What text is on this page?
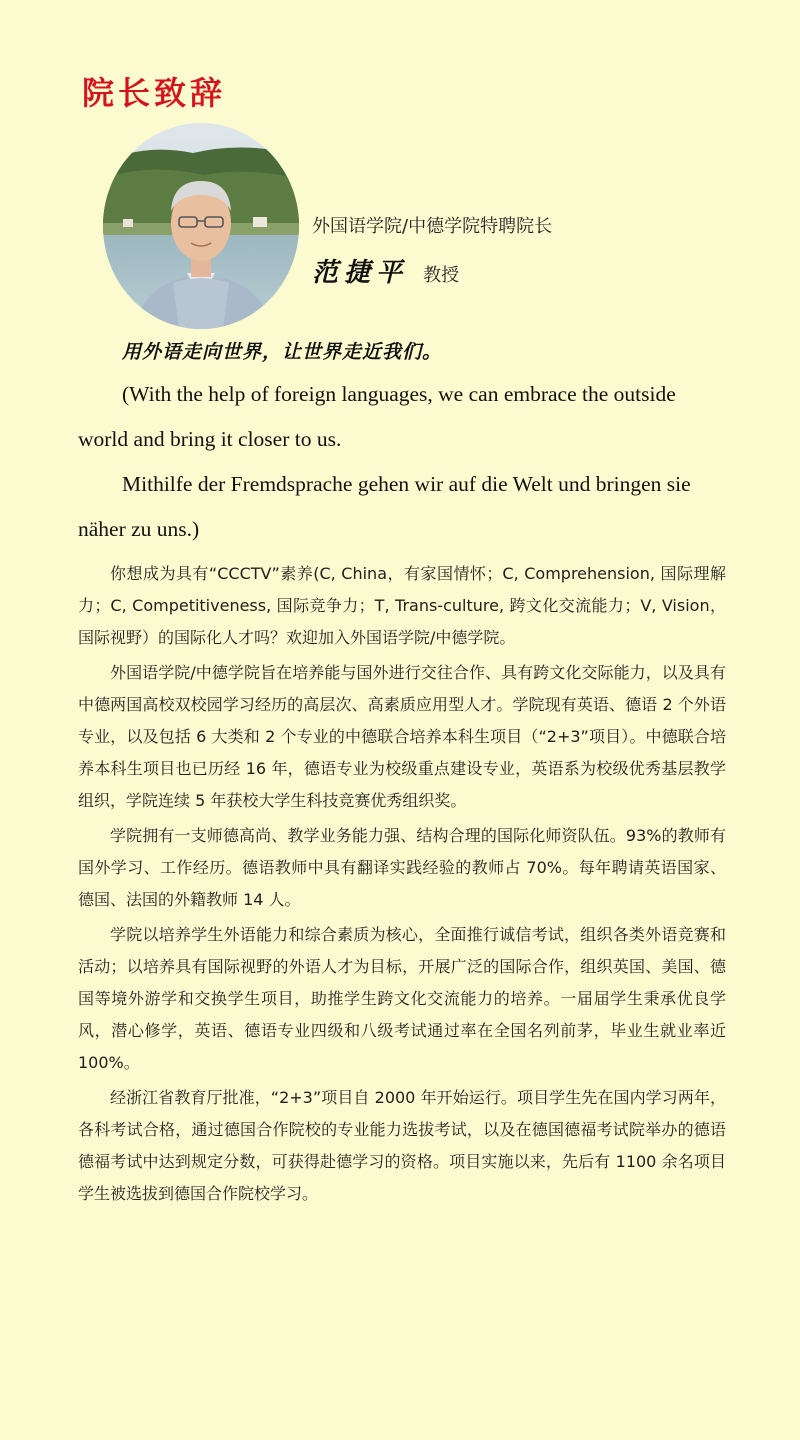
院长致辞
外国语学院/中德学院特聘院长
范捷平 教授
用外语走向世界，让世界走近我们。

(With the help of foreign languages, we can embrace the outside world and bring it closer to us.

Mithilfe der Fremdsprache gehen wir auf die Welt und bringen sie näher zu uns.)

你想成为具有“CCCTV”素养(C, China，有家国情怀；C, Comprehension, 国际理解力；C, Competitiveness, 国际竞争力；T, Trans-culture, 跨文化交流能力；V, Vision，国际视野）的国际化人才吗？欢迎加入外国语学院/中德学院。

外国语学院/中德学院旨在培养能与国外进行交往合作、具有跨文化交际能力，以及具有中德两国高校双校园学习经历的高层次、高素质应用型人才。学院现有英语、德语 2 个外语专业，以及包括 6 大类和 2 个专业的中德联合培养本科生项目（“2+3”项目）。中德联合培养本科生项目也已历经 16 年，德语专业为校级重点建设专业，英语系为校级优秀基层教学组织，学院连续 5 年获校大学生科技竞赛优秀组织奖。

学院拥有一支师德高尚、教学业务能力强、结构合理的国际化师资队伍。93%的教师有国外学习、工作经历。德语教师中具有翻译实践经验的教师占 70%。每年聘请英语国家、德国、法国的外籍教师 14 人。

学院以培养学生外语能力和综合素质为核心，全面推行诚信考试，组织各类外语竞赛和活动；以培养具有国际视野的外语人才为目标，开展广泛的国际合作，组织英国、美国、德国等境外游学和交换学生项目，助推学生跨文化交流能力的培养。一届届学生秉承优良学风，潜心修学，英语、德语专业四级和八级考试通过率在全国名列前茅，毕业生就业率近 100%。

经浙江省教育厅批准，“2+3”项目自 2000 年开始运行。项目学生先在国内学习两年，各科考试合格，通过德国合作院校的专业能力选拔考试，以及在德国德福考试院举办的德语德福考试中达到规定分数，可获得赴德学习的资格。项目实施以来，先后有 1100 余名项目学生被选拔到德国合作院校学习。
